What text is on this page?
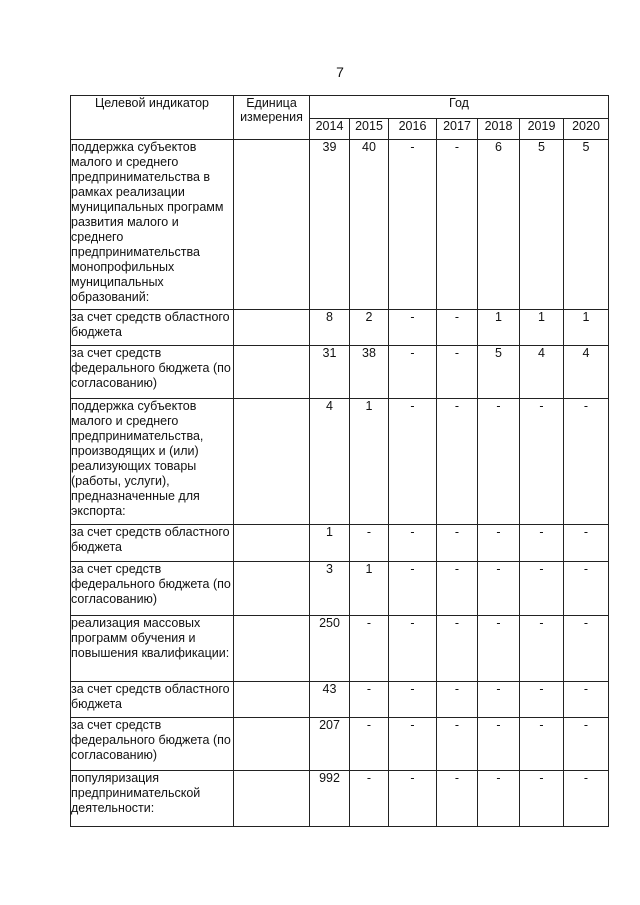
7
Целевой индикатор	Единица измерения	Год						
		2014	2015	2016	2017	2018	2019	2020
поддержка субъектов малого и среднего предпринимательства в рамках реализации муниципальных программ развития малого и среднего предпринимательства монопрофильных муниципальных образований:		39	40	-	-	6	5	5
за счет средств областного бюджета		8	2	-	-	1	1	1
за счет средств федерального бюджета (по согласованию)		31	38	-	-	5	4	4
поддержка субъектов малого и среднего предпринимательства, производящих и (или) реализующих товары (работы, услуги), предназначенные для экспорта:		4	1	-	-	-	-	-
за счет средств областного бюджета		1	-	-	-	-	-	-
за счет средств федерального бюджета (по согласованию)		3	1	-	-	-	-	-
реализация массовых программ обучения и повышения квалификации:		250	-	-	-	-	-	-
за счет средств областного бюджета		43	-	-	-	-	-	-
за счет средств федерального бюджета (по согласованию)		207	-	-	-	-	-	-
популяризация предпринимательской деятельности:		992	-	-	-	-	-	-
